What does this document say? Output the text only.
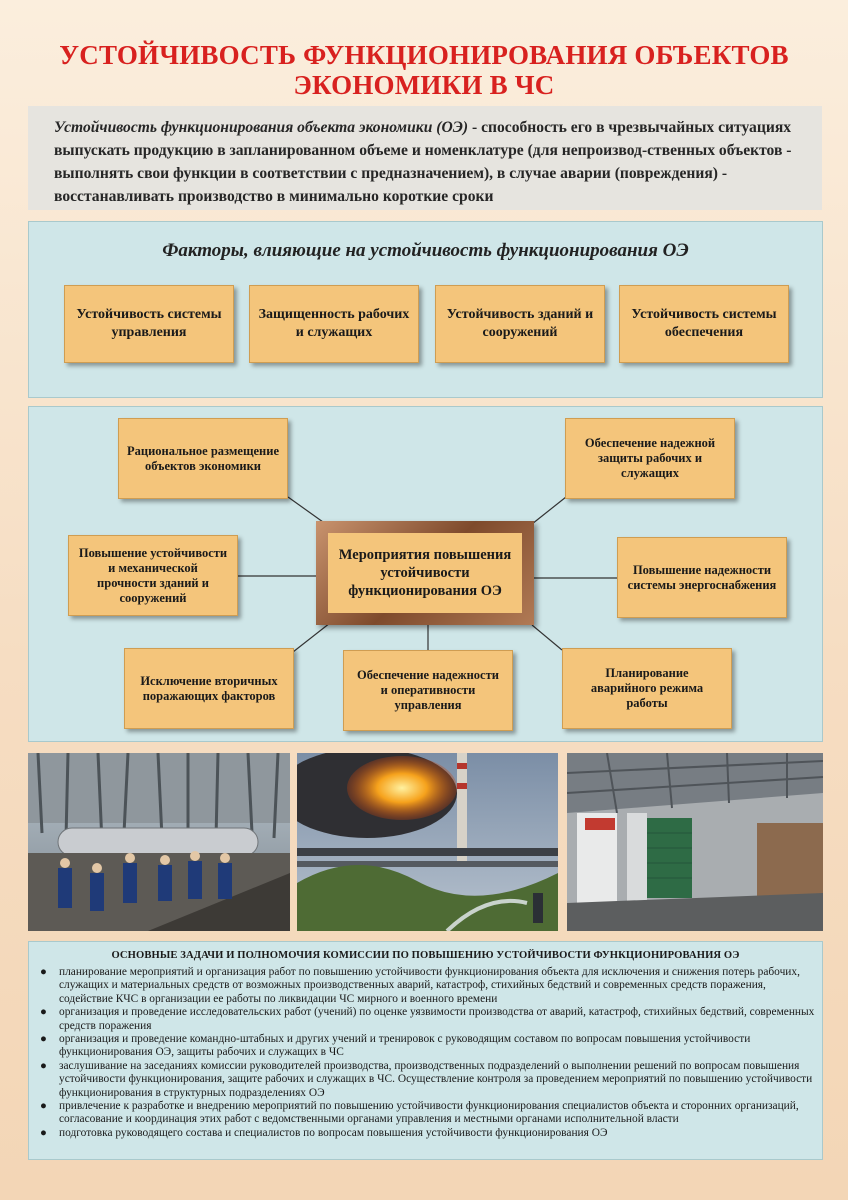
УСТОЙЧИВОСТЬ ФУНКЦИОНИРОВАНИЯ ОБЪЕКТОВ
ЭКОНОМИКИ В ЧС
Устойчивость функционирования объекта экономики (ОЭ) - способность его в чрезвычайных ситуациях выпускать продукцию в запланированном объеме и номенклатуре (для непроизвод-ственных объектов - выполнять свои функции в соответствии с предназначением), в случае аварии (повреждения) - восстанавливать производство в минимально короткие сроки
Факторы, влияющие на устойчивость функционирования ОЭ
Устойчивость системы управления
Защищенность рабочих и служащих
Устойчивость зданий и сооружений
Устойчивость системы обеспечения
Рациональное размещение объектов экономики
Обеспечение надежной защиты рабочих и служащих
Повышение устойчивости и механической прочности зданий и сооружений
Повышение надежности системы энергоснабжения
Исключение вторичных поражающих факторов
Обеспечение надежности и оперативности управления
Планирование аварийного режима работы
Мероприятия повышения устойчивости функционирования ОЭ
ОСНОВНЫЕ ЗАДАЧИ И ПОЛНОМОЧИЯ КОМИССИИ ПО ПОВЫШЕНИЮ УСТОЙЧИВОСТИ ФУНКЦИОНИРОВАНИЯ ОЭ
● планирование мероприятий и организация работ по повышению устойчивости функционирования объекта для исключения и снижения потерь рабочих, служащих и материальных средств от возможных производственных аварий, катастроф, стихийных бедствий и современных средств поражения, содействие КЧС в организации ее работы по ликвидации ЧС мирного и военного времени
● организация и проведение исследовательских работ (учений) по оценке уязвимости производства от аварий, катастроф, стихийных бедствий, современных средств поражения
● организация и проведение командно-штабных и других учений и тренировок с руководящим составом по вопросам повышения устойчивости функционирования ОЭ, защиты рабочих и служащих в ЧС
● заслушивание на заседаниях комиссии руководителей производства, производственных подразделений о выполнении решений по вопросам повышения устойчивости функционирования, защите рабочих и служащих в ЧС. Осуществление контроля за проведением мероприятий по повышению устойчивости функционирования в структурных подразделениях ОЭ
● привлечение к разработке и внедрению мероприятий по повышению устойчивости функционирования специалистов объекта и сторонних организаций, согласование и координация этих работ с ведомственными органами управления и местными органами исполнительной власти
● подготовка руководящего состава и специалистов по вопросам повышения устойчивости функционирования ОЭ
